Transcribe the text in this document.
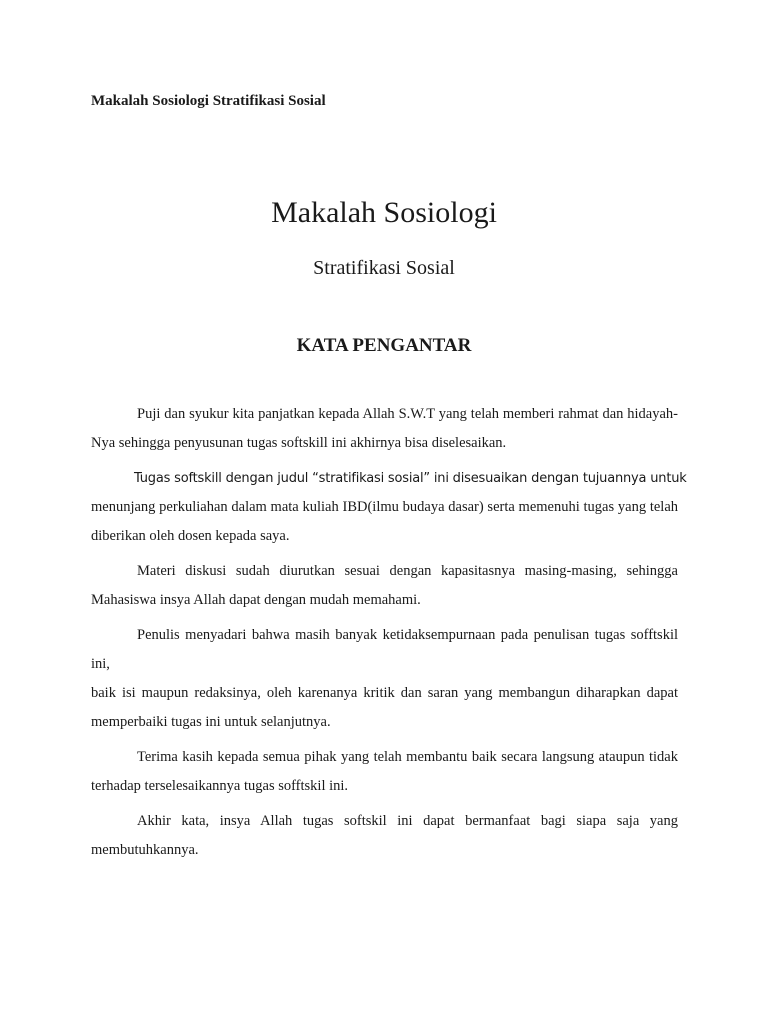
Makalah Sosiologi Stratifikasi Sosial
Makalah Sosiologi
Stratifikasi Sosial
KATA PENGANTAR

Puji dan syukur kita panjatkan kepada Allah S.W.T yang telah memberi rahmat dan hidayah-Nya sehingga penyusunan tugas softskill ini akhirnya bisa diselesaikan.

Tugas softskill dengan judul “stratifikasi sosial” ini disesuaikan dengan tujuannya untuk
menunjang perkuliahan dalam mata kuliah IBD(ilmu budaya dasar) serta memenuhi tugas yang telah diberikan oleh dosen kepada saya.

Materi diskusi sudah diurutkan sesuai dengan kapasitasnya masing-masing, sehingga Mahasiswa insya Allah dapat dengan mudah memahami.

Penulis menyadari bahwa masih banyak ketidaksempurnaan pada penulisan tugas sofftskil ini,

baik isi maupun redaksinya, oleh karenanya kritik dan saran yang membangun diharapkan dapat memperbaiki tugas ini untuk selanjutnya.

Terima kasih kepada semua pihak yang telah membantu baik secara langsung ataupun tidak terhadap terselesaikannya tugas sofftskil ini.

Akhir kata, insya Allah tugas softskil ini dapat bermanfaat bagi siapa saja yang membutuhkannya.
